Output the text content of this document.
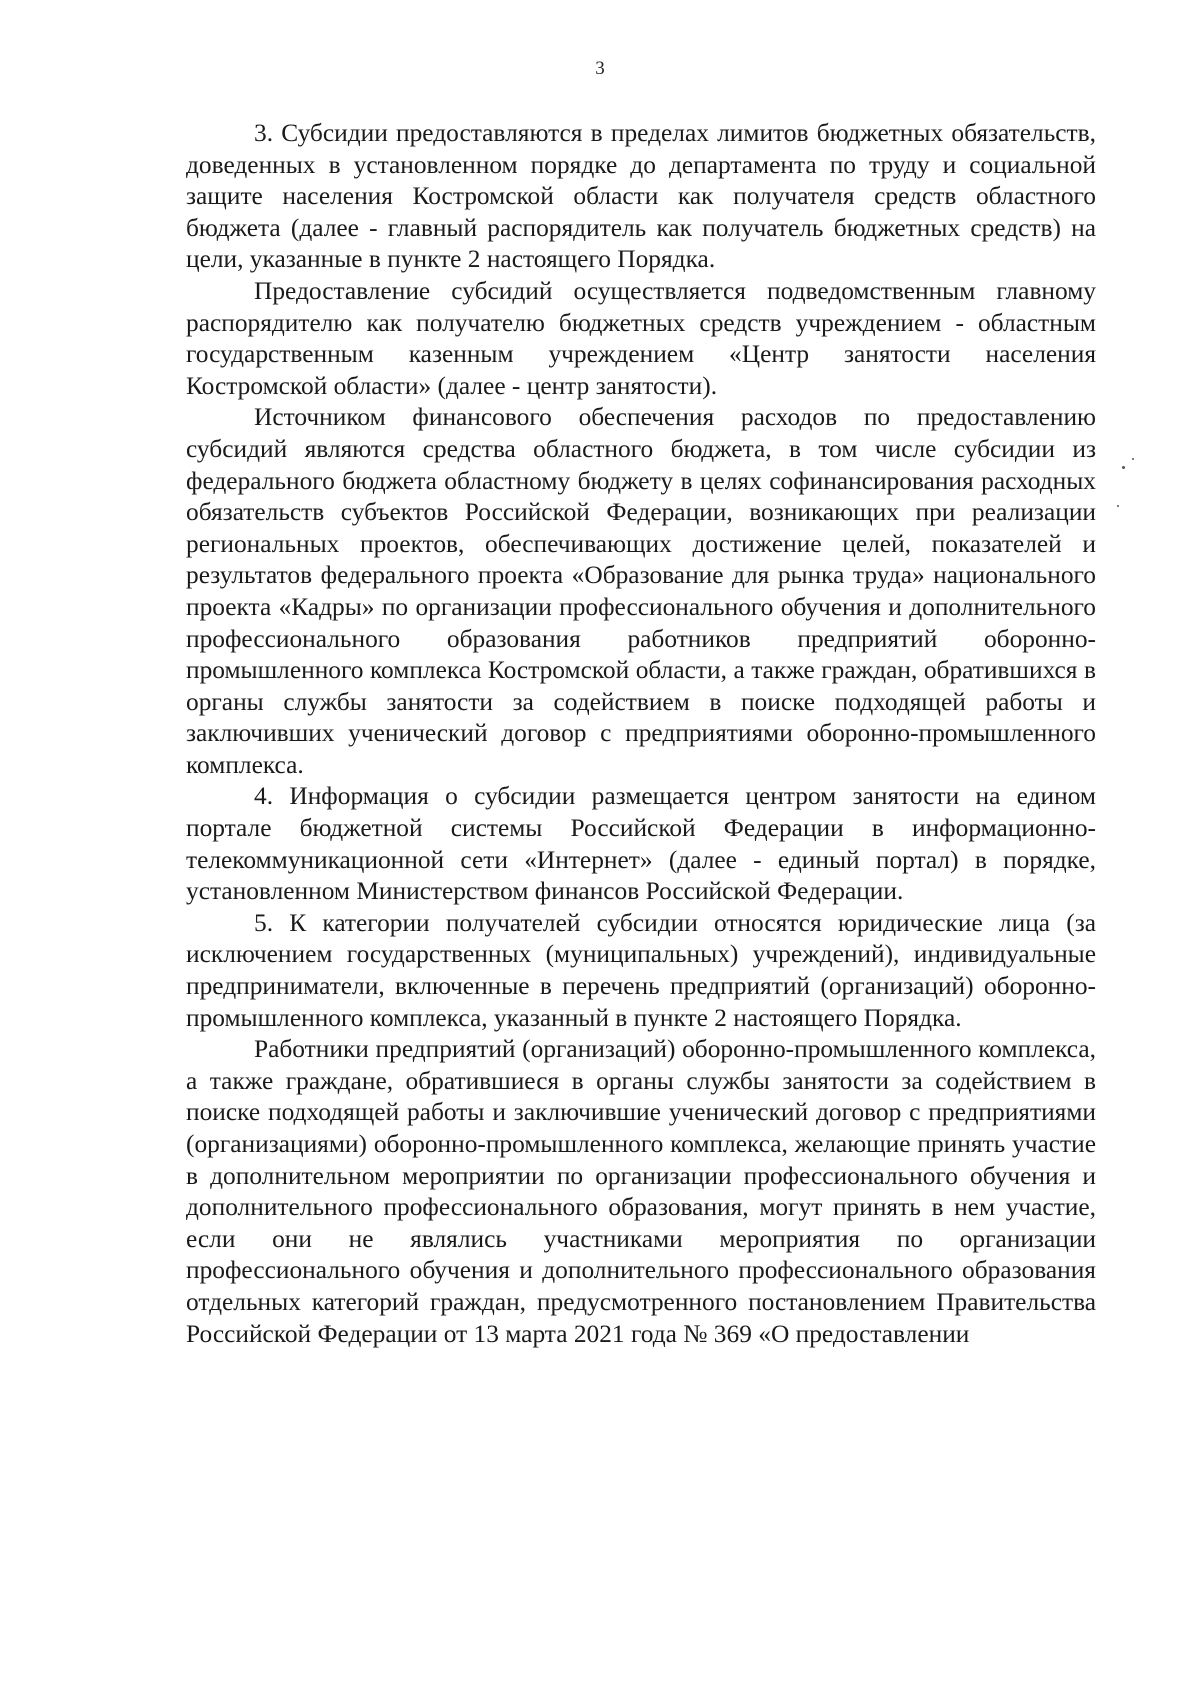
3

3. Субсидии предоставляются в пределах лимитов бюджетных обязательств, доведенных в установленном порядке до департамента по труду и социальной защите населения Костромской области как получателя средств областного бюджета (далее - главный распорядитель как получатель бюджетных средств) на цели, указанные в пункте 2 настоящего Порядка.

Предоставление субсидий осуществляется подведомственным главному распорядителю как получателю бюджетных средств учреждением - областным государственным казенным учреждением «Центр занятости населения Костромской области» (далее - центр занятости).

Источником финансового обеспечения расходов по предоставлению субсидий являются средства областного бюджета, в том числе субсидии из федерального бюджета областному бюджету в целях софинансирования расходных обязательств субъектов Российской Федерации, возникающих при реализации региональных проектов, обеспечивающих достижение целей, показателей и результатов федерального проекта «Образование для рынка труда» национального проекта «Кадры» по организации профессионального обучения и дополнительного профессионального образования работников предприятий оборонно-промышленного комплекса Костромской области, а также граждан, обратившихся в органы службы занятости за содействием в поиске подходящей работы и заключивших ученический договор с предприятиями оборонно-промышленного комплекса.

4. Информация о субсидии размещается центром занятости на едином портале бюджетной системы Российской Федерации в информационно-телекоммуникационной сети «Интернет» (далее - единый портал) в порядке, установленном Министерством финансов Российской Федерации.

5. К категории получателей субсидии относятся юридические лица (за исключением государственных (муниципальных) учреждений), индивидуальные предприниматели, включенные в перечень предприятий (организаций) оборонно-промышленного комплекса, указанный в пункте 2 настоящего Порядка.

Работники предприятий (организаций) оборонно-промышленного комплекса, а также граждане, обратившиеся в органы службы занятости за содействием в поиске подходящей работы и заключившие ученический договор с предприятиями (организациями) оборонно-промышленного комплекса, желающие принять участие в дополнительном мероприятии по организации профессионального обучения и дополнительного профессионального образования, могут принять в нем участие, если они не являлись участниками мероприятия по организации профессионального обучения и дополнительного профессионального образования отдельных категорий граждан, предусмотренного постановлением Правительства Российской Федерации от 13 марта 2021 года № 369 «О предоставлении
